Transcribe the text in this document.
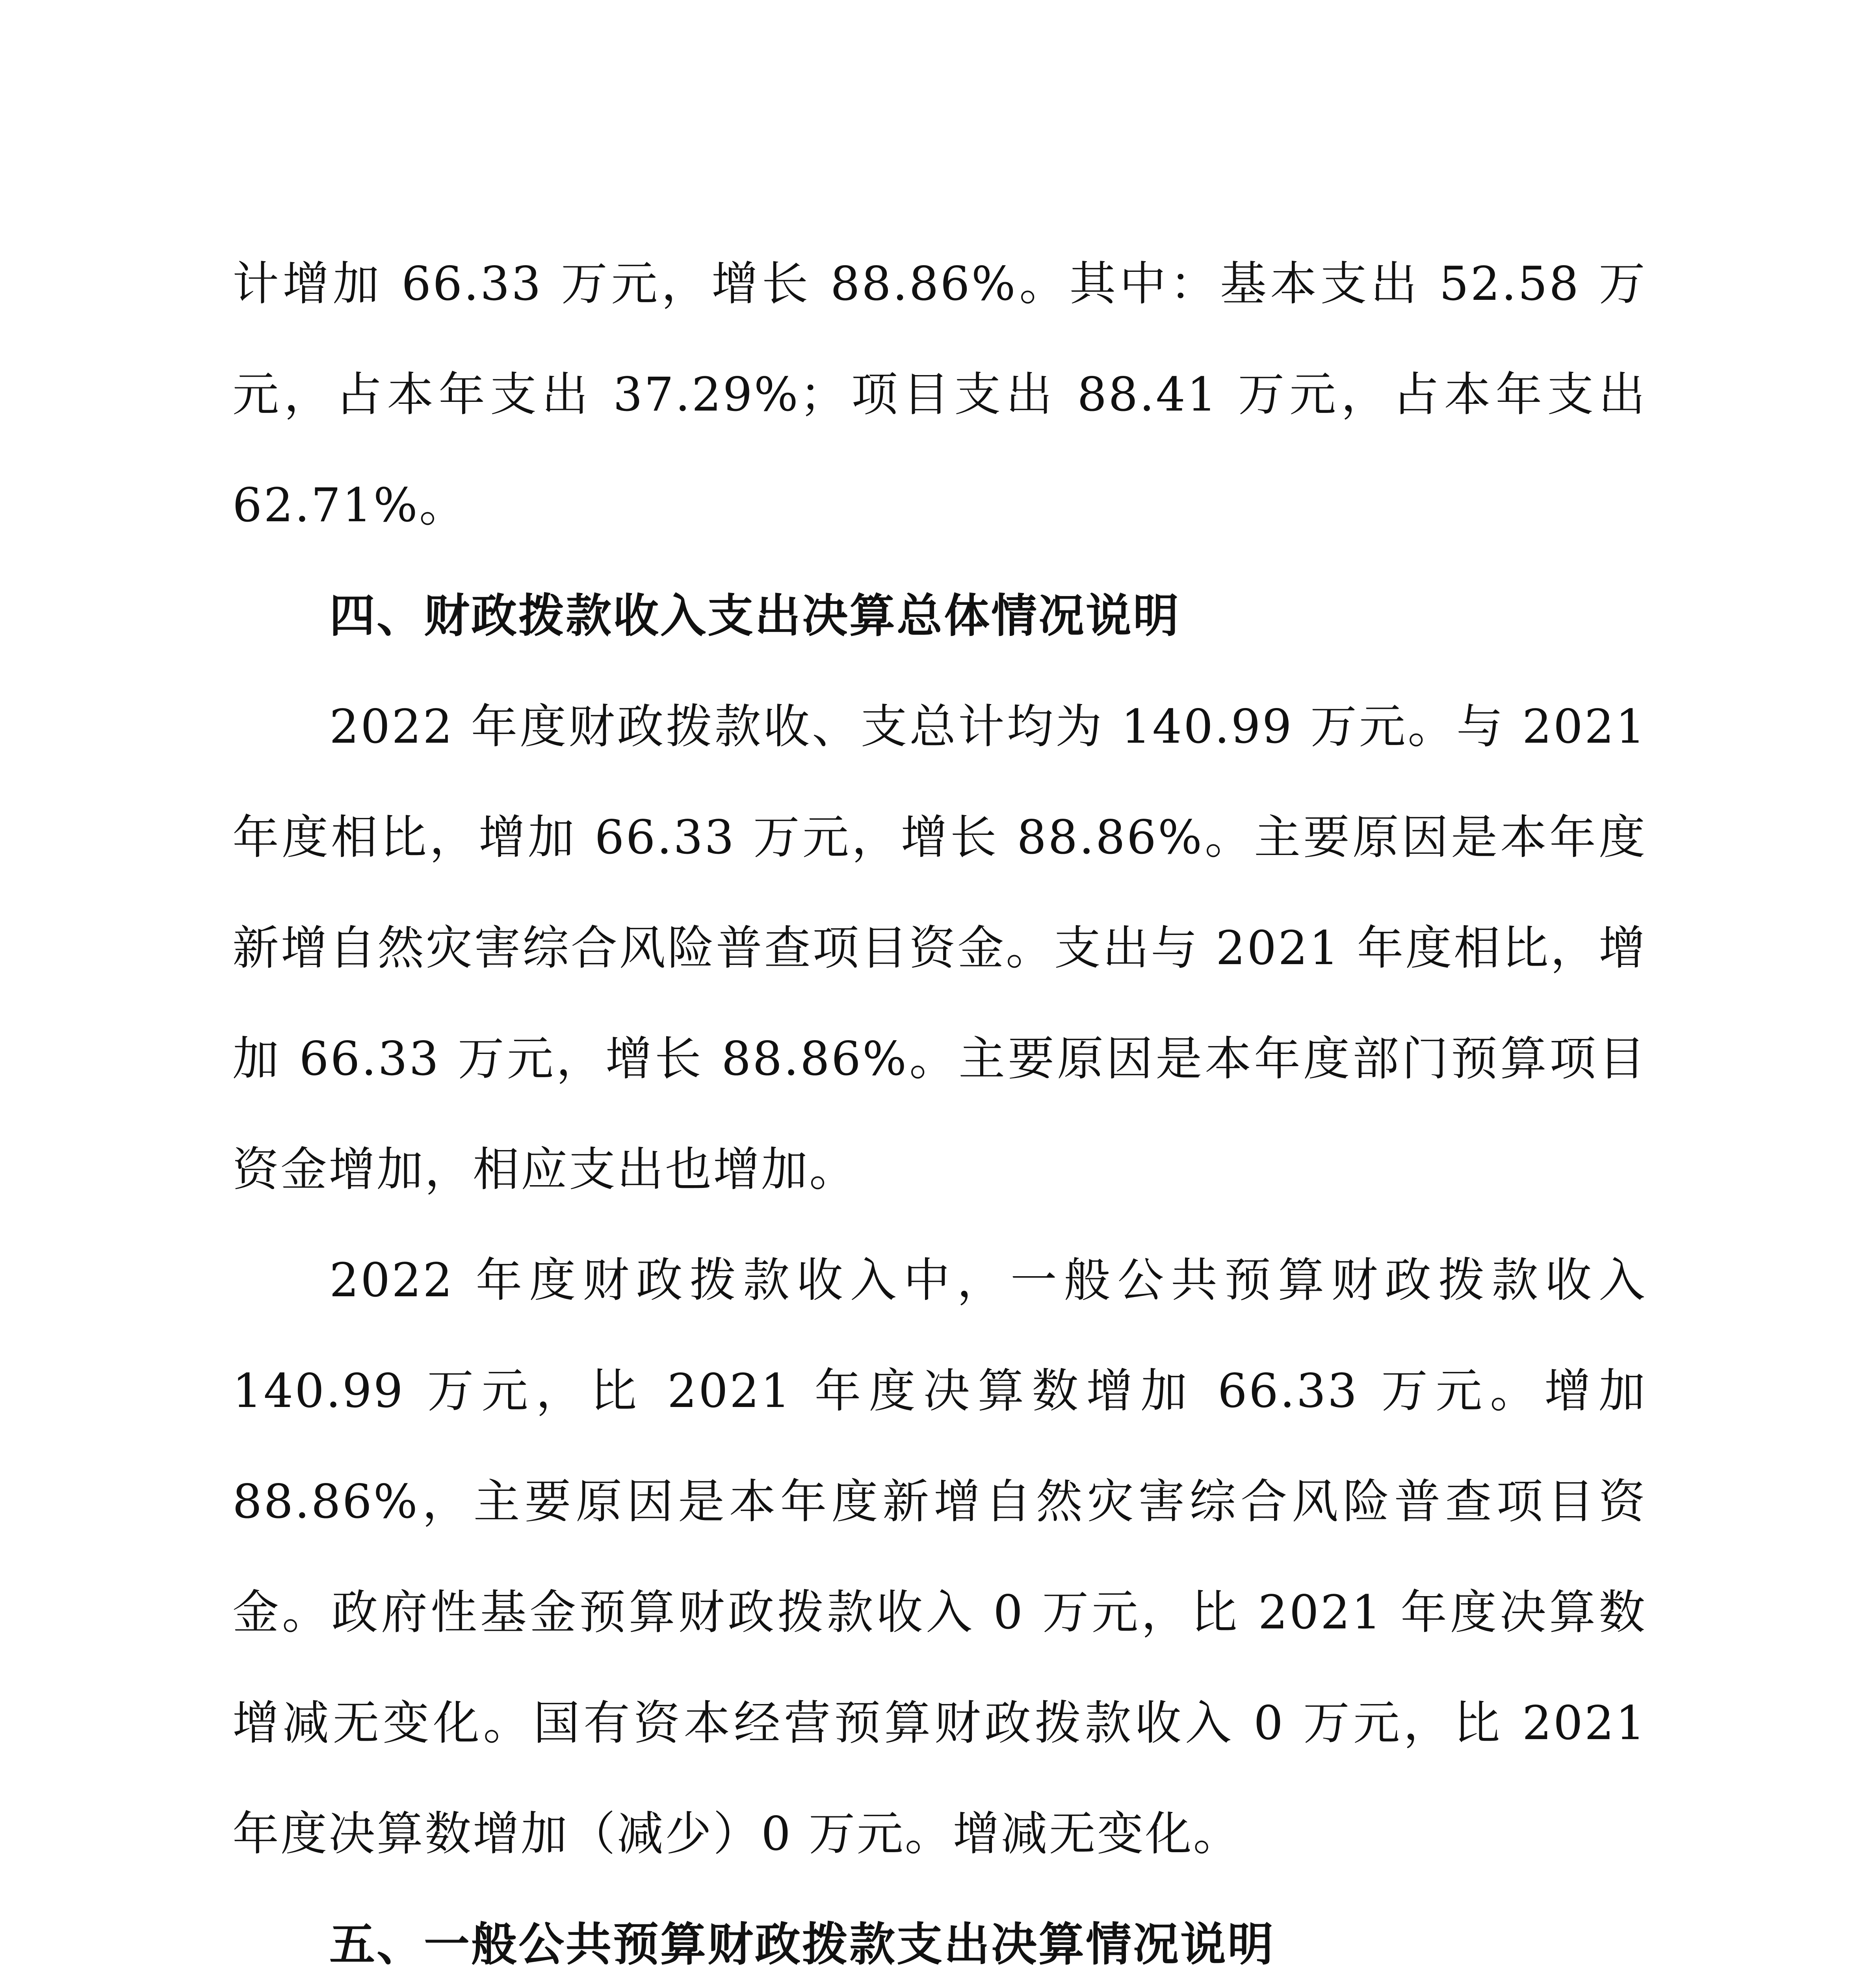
计增加 66.33 万元，增长 88.86%。其中：基本支出 52.58 万元，占本年支出 37.29%；项目支出 88.41 万元，占本年支出 62.71%。

四、财政拨款收入支出决算总体情况说明

2022 年度财政拨款收、支总计均为 140.99 万元。与 2021 年度相比，增加 66.33 万元，增长 88.86%。主要原因是本年度新增自然灾害综合风险普查项目资金。支出与 2021 年度相比，增加 66.33 万元，增长 88.86%。主要原因是本年度部门预算项目资金增加，相应支出也增加。

2022 年度财政拨款收入中，一般公共预算财政拨款收入 140.99 万元，比 2021 年度决算数增加 66.33 万元。增加 88.86%，主要原因是本年度新增自然灾害综合风险普查项目资金。政府性基金预算财政拨款收入 0 万元，比 2021 年度决算数增减无变化。国有资本经营预算财政拨款收入 0 万元，比 2021 年度决算数增加（减少）0 万元。增减无变化。

五、一般公共预算财政拨款支出决算情况说明
